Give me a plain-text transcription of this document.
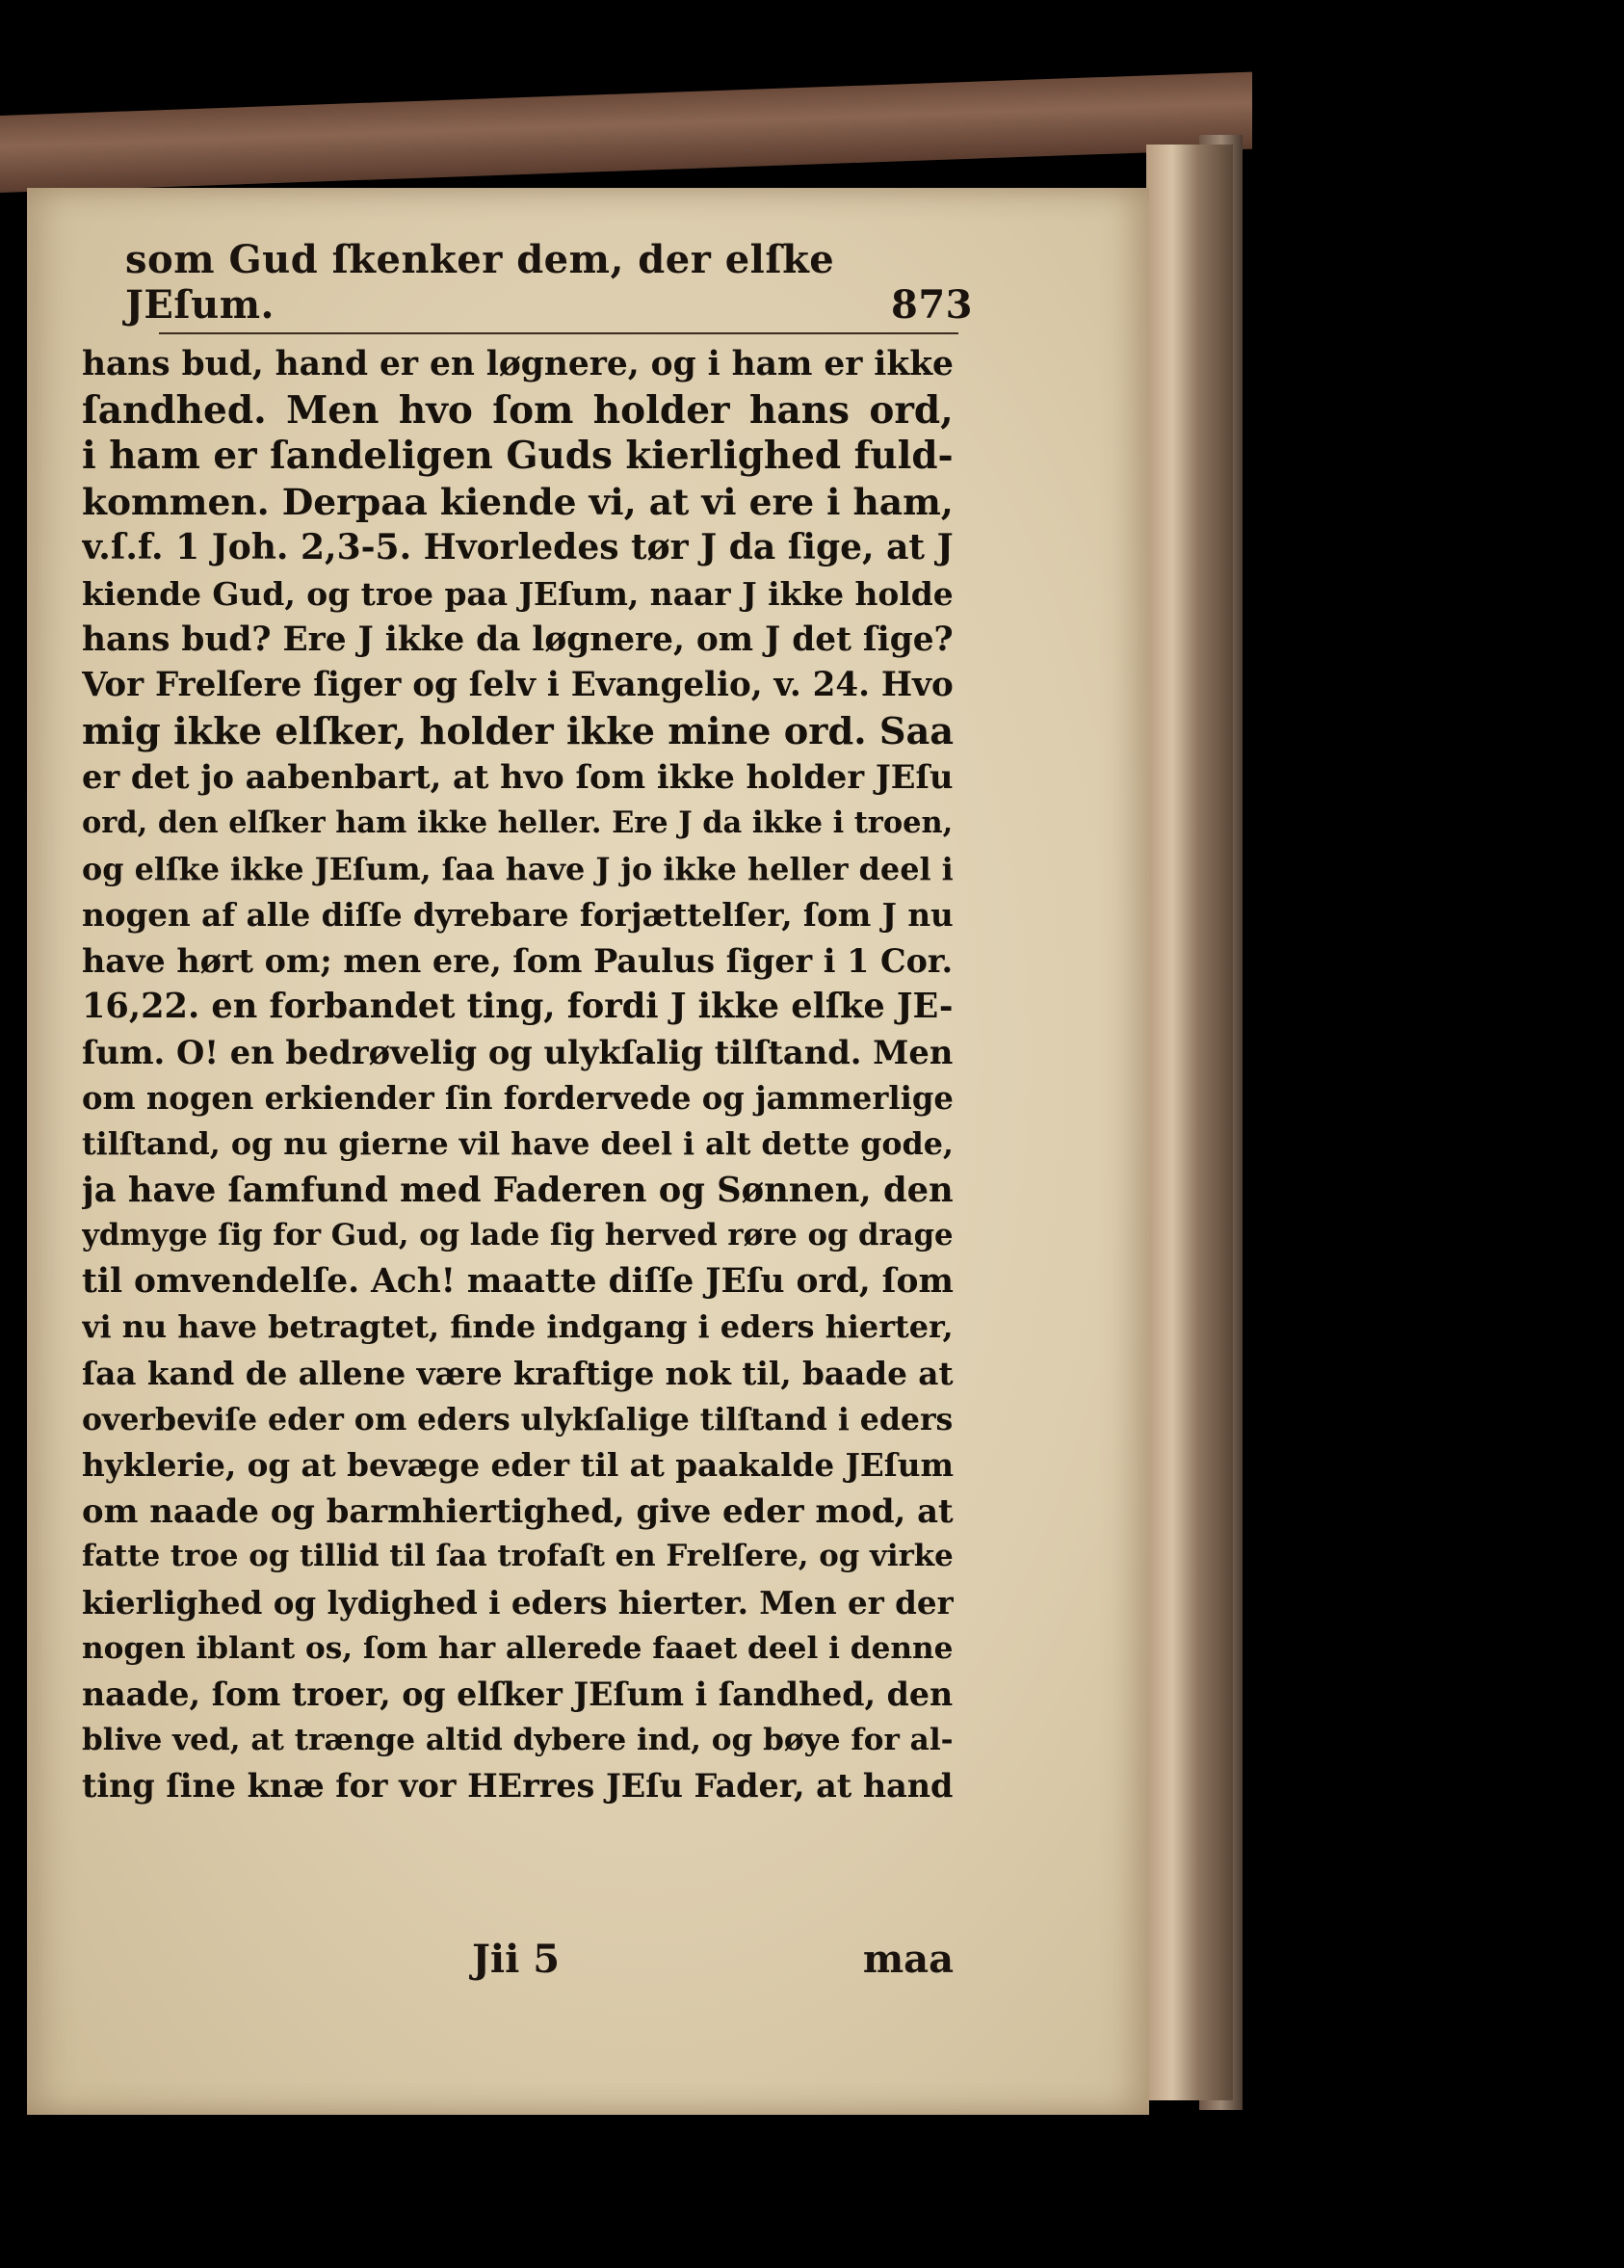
som Gud ſkenker dem, der elſke JEſum.	873
hans bud, hand er en løgnere, og i ham er ikke
ſandhed. Men hvo ſom holder hans ord,
i ham er ſandeligen Guds kierlighed fuld-
kommen. Derpaa kiende vi, at vi ere i ham,
v.ſ.f. 1 Joh. 2,3-5. Hvorledes tør J da ſige, at J
kiende Gud, og troe paa JEſum, naar J ikke holde
hans bud? Ere J ikke da løgnere, om J det ſige?
Vor Frelſere ſiger og ſelv i Evangelio, v. 24. Hvo
mig ikke elſker, holder ikke mine ord. Saa
er det jo aabenbart, at hvo ſom ikke holder JEſu
ord, den elſker ham ikke heller. Ere J da ikke i troen,
og elſke ikke JEſum, ſaa have J jo ikke heller deel i
nogen af alle diſſe dyrebare forjættelſer, ſom J nu
have hørt om; men ere, ſom Paulus ſiger i 1 Cor.
16,22. en forbandet ting, fordi J ikke elſke JE-
ſum. O! en bedrøvelig og ulykſalig tilſtand. Men
om nogen erkiender ſin fordervede og jammerlige
tilſtand, og nu gierne vil have deel i alt dette gode,
ja have ſamfund med Faderen og Sønnen, den
ydmyge ſig for Gud, og lade ſig herved røre og drage
til omvendelſe. Ach! maatte diſſe JEſu ord, ſom
vi nu have betragtet, finde indgang i eders hierter,
ſaa kand de allene være kraftige nok til, baade at
overbeviſe eder om eders ulykſalige tilſtand i eders
hyklerie, og at bevæge eder til at paakalde JEſum
om naade og barmhiertighed, give eder mod, at
fatte troe og tillid til ſaa trofaſt en Frelſere, og virke
kierlighed og lydighed i eders hierter. Men er der
nogen iblant os, ſom har allerede faaet deel i denne
naade, ſom troer, og elſker JEſum i ſandhed, den
blive ved, at trænge altid dybere ind, og bøye for al-
ting ſine knæ for vor HErres JEſu Fader, at hand
Jii 5	maa
